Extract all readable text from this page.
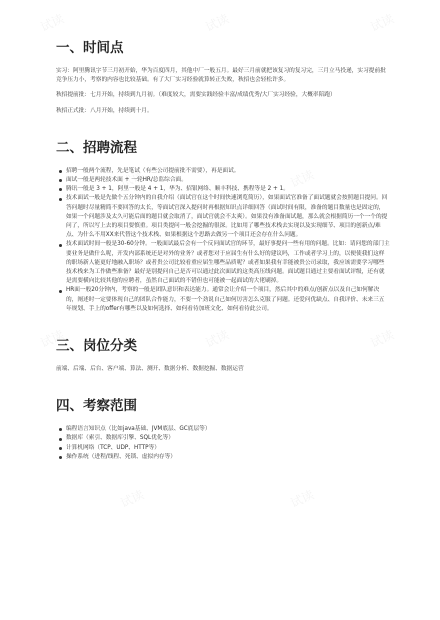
试读	试读	试读
试读	试读
试读	试读	试读
试读	试读
一、时间点

实习：阿里腾讯字节三月初开始，华为百度四月，其他中厂一般五月。最好三月前就把该复习的复习完，三月立马投递，实习提前批竞争压力小，考察的内容也比较基础。有了大厂实习经验就算转正失败，秋招也会轻松许多。

秋招提前批：七月开始，持续到九月初。（难度较大，需要实践经验丰富/成绩优秀/大厂实习经验，大概率陪跑）

秋招正式批：八月开始，持续到十月。

二、招聘流程
招聘一般两个流程，先是笔试（有些公司提前批不需要），再是面试。
面试一般是两轮技术面 + 一轮HR/总监综合面。
腾讯一般是 3 + 1，阿里一般是 4 + 1，华为、招银网络、顺丰科技、携程等是 2 + 1。
技术面试一般是先做个五分钟内的自我介绍（面试官在这个时间快速浏览简历），如果面试官准备了面试题就会按照题目提问。回答问题时尽量精简不要回答的太长，等面试官深入提问时再根据知识点详细回答（面试时间有限，准备的题目数量也是固定的，如果一个问题涉及太久可能后面的题目就会取消了，面试官就会不太爽）。如果没有准备面试题，那么就会根据简历一个一个的提问了，所以写上去的项目要慎重。项目类提问一般会挖掘的很深。比如用了哪些技术栈去实现以及实现细节、项目的创新点/难点、为什么不用XX来代替这个技术栈、如果根据这个思路去做另一个项目还会存在什么问题。
技术面试时间一般是30-60分钟。一般面试最后会有一个反问面试官的环节，最好事提问一些有用的问题。比如：请问您的部门主要业务是做什么呢，开发内部系统还是对外的业务？或者您对于应届生有什么好的建议吗，工作或者学习上的，以便使我们这样的职场新人能更好地融入职场？或者贵公司比较看重应届生哪些品质呢？或者如果我有幸能被贵公司录取，我应该需要学习哪些技术栈来为工作做些准备？最好是别提问自己是否可以通过此次面试的这类高压线问题。面试题目通过主要看面试评级，还有就是需要横向比较其他的应聘者，虽然自己面试的不错但也可能被一起面试的大佬刷掉。
HR面一般20分钟内，考察的一般是团队意识和表达能力。通常会让介绍一个项目，然后其中的难点/创新点以及自己如何解决的，阐述时一定要体现自己的团队合作能力，不要一个劲说自己如何厉害怎么克服了问题。还爱问优缺点、自我评价、未来三五年规划、手上的offer有哪些以及如何选择、如何看待加班文化、如何看待此公司。
三、岗位分类

前端、后端、后台、客户端、算法、测开、数据分析、数据挖掘、数据运营

四、考察范围
编程语言知识点（比如java基础、JVM底层、GC底层等）
数据库（索引、数据库引擎、SQL优化等）
计算机网络（TCP、UDP、HTTP等）
操作系统（进程/线程、死锁、虚拟内存等）
